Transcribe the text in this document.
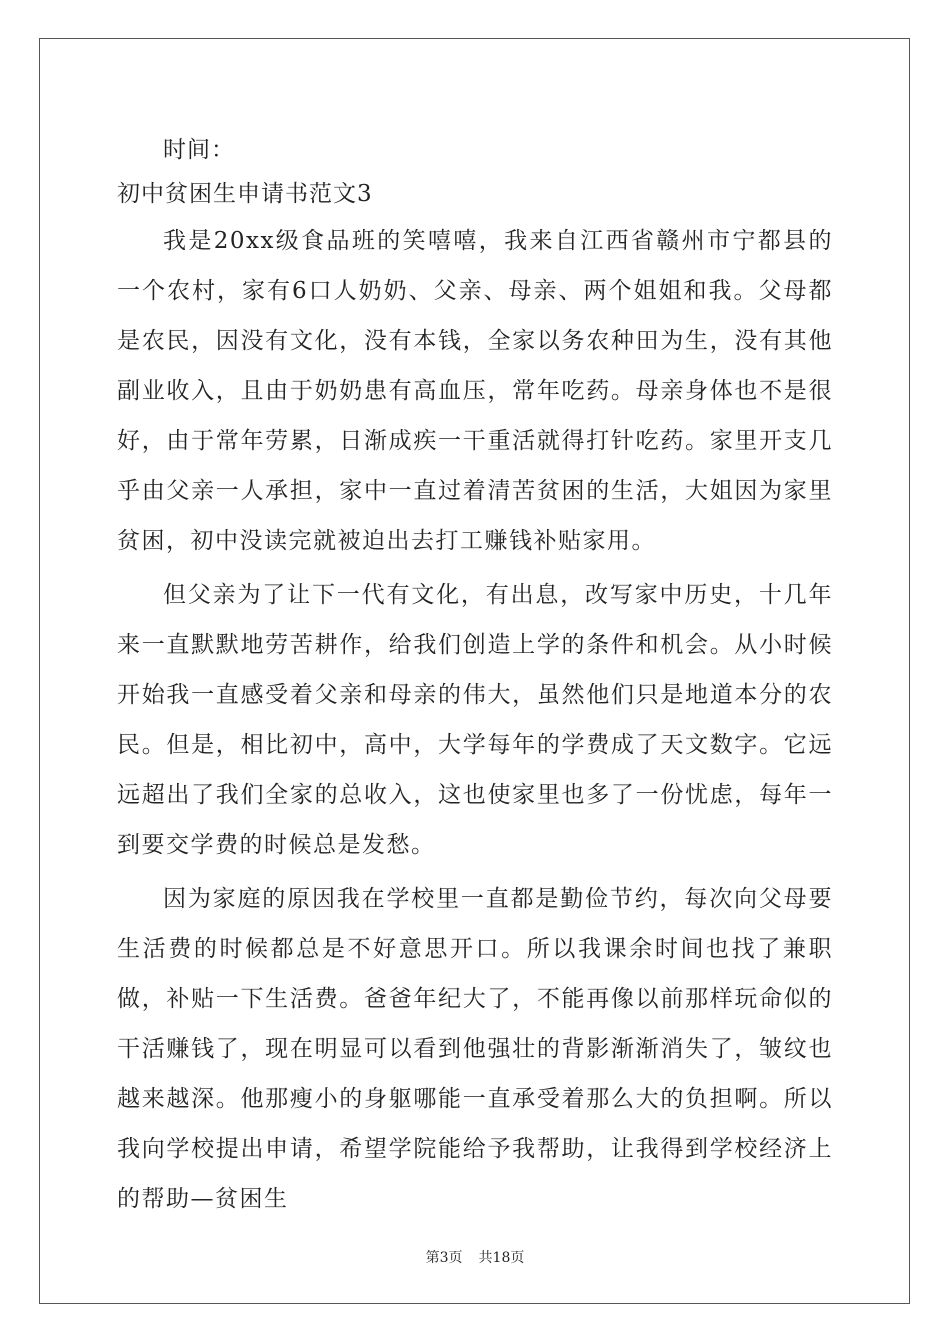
时间：
初中贫困生申请书范文3

我是20xx级食品班的笑嘻嘻，我来自江西省赣州市宁都县的一个农村，家有6口人奶奶、父亲、母亲、两个姐姐和我。父母都是农民，因没有文化，没有本钱，全家以务农种田为生，没有其他副业收入，且由于奶奶患有高血压，常年吃药。母亲身体也不是很好，由于常年劳累，日渐成疾一干重活就得打针吃药。家里开支几乎由父亲一人承担，家中一直过着清苦贫困的生活，大姐因为家里贫困，初中没读完就被迫出去打工赚钱补贴家用。

但父亲为了让下一代有文化，有出息，改写家中历史，十几年来一直默默地劳苦耕作，给我们创造上学的条件和机会。从小时候开始我一直感受着父亲和母亲的伟大，虽然他们只是地道本分的农民。但是，相比初中，高中，大学每年的学费成了天文数字。它远远超出了我们全家的总收入，这也使家里也多了一份忧虑，每年一到要交学费的时候总是发愁。

因为家庭的原因我在学校里一直都是勤俭节约，每次向父母要生活费的时候都总是不好意思开口。所以我课余时间也找了兼职做，补贴一下生活费。爸爸年纪大了，不能再像以前那样玩命似的干活赚钱了，现在明显可以看到他强壮的背影渐渐消失了，皱纹也越来越深。他那瘦小的身躯哪能一直承受着那么大的负担啊。所以我向学校提出申请，希望学院能给予我帮助，让我得到学校经济上的帮助—贫困生

第3页 共18页
